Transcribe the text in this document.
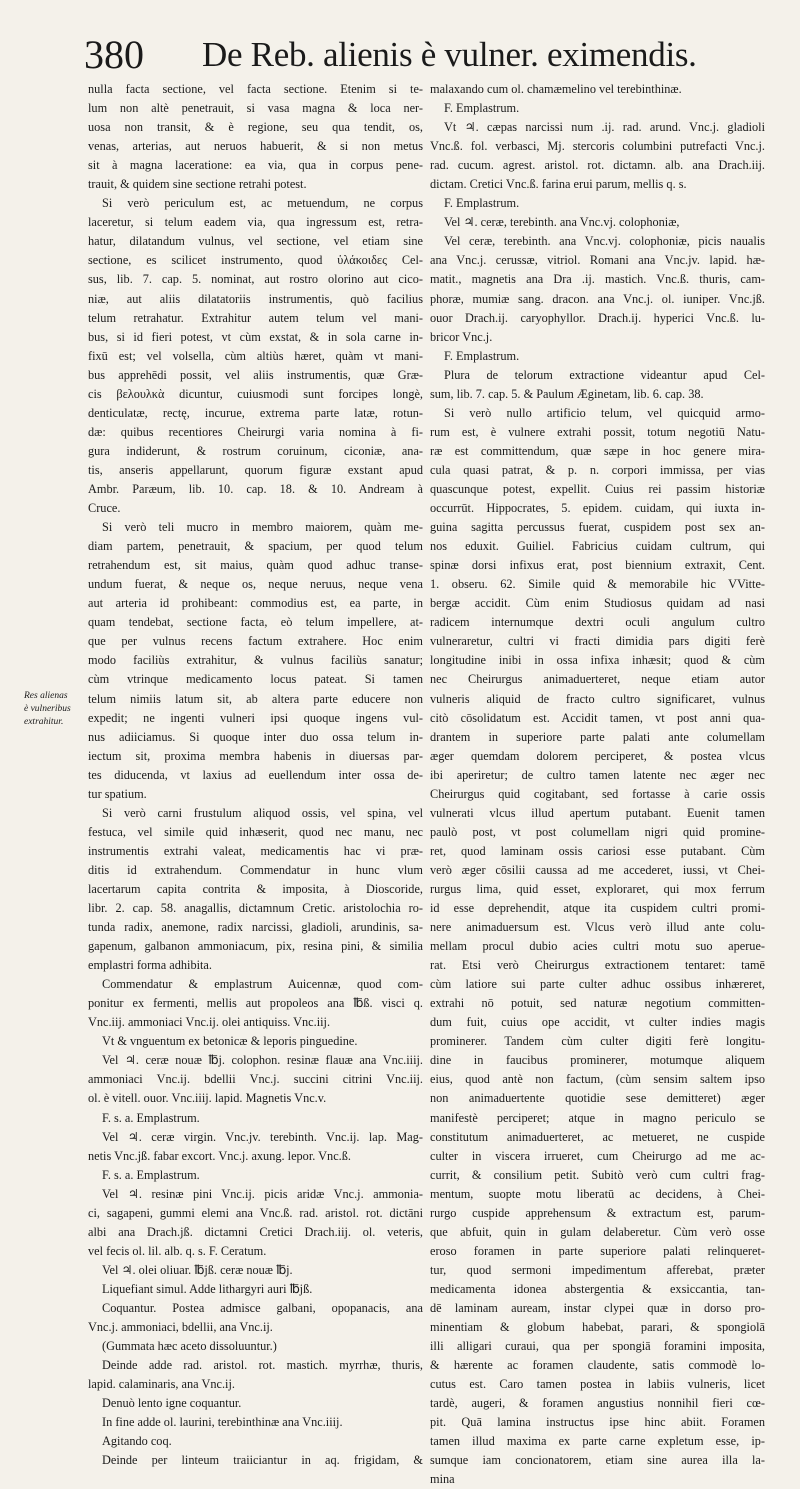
380 De Reb. alienis è vulner. eximendis.
Res alienas
è vulneribus
extrahitur.
nulla facta sectione, vel facta sectione. Etenim si te-
lum non altè penetrauit, si vasa magna & loca ner-
uosa non transit, & è regione, seu qua tendit, os,
venas, arterias, aut neruos habuerit, & si non metus
sit à magna laceratione: ea via, qua in corpus pene-
trauit, & quidem sine sectione retrahi potest.
Si verò periculum est, ac metuendum, ne corpus
laceretur, si telum eadem via, qua ingressum est, retra-
hatur, dilatandum vulnus, vel sectione, vel etiam sine
sectione, es scilicet instrumento, quod ὑλάκοιδες Cel-
sus, lib. 7. cap. 5. nominat, aut rostro olorino aut cico-
niæ, aut aliis dilatatoriis instrumentis, quò facilius
telum retrahatur. Extrahitur autem telum vel mani-
bus, si id fieri potest, vt cùm exstat, & in sola carne in-
fixū est; vel volsella, cùm altiùs hæret, quàm vt mani-
bus apprehēdi possit, vel aliis instrumentis, quæ Græ-
cis βελουλκὰ dicuntur, cuiusmodi sunt forcipes longè,
denticulatæ, rectę, incurue, extrema parte latæ, rotun-
dæ: quibus recentiores Cheirurgi varia nomina à fi-
gura indiderunt, & rostrum coruinum, ciconiæ, ana-
tis, anseris appellarunt, quorum figuræ exstant apud
Ambr. Paræum, lib. 10. cap. 18. & 10. Andream à
Cruce.
Si verò teli mucro in membro maiorem, quàm me-
diam partem, penetrauit, & spacium, per quod telum
retrahendum est, sit maius, quàm quod adhuc transe-
undum fuerat, & neque os, neque neruus, neque vena
aut arteria id prohibeant: commodius est, ea parte, in
quam tendebat, sectione facta, eò telum impellere, at-
que per vulnus recens factum extrahere. Hoc enim
modo faciliùs extrahitur, & vulnus faciliùs sanatur;
cùm vtrinque medicamento locus pateat. Si tamen
telum nimiis latum sit, ab altera parte educere non
expedit; ne ingenti vulneri ipsi quoque ingens vul-
nus adiiciamus. Si quoque inter duo ossa telum in-
iectum sit, proxima membra habenis in diuersas par-
tes diducenda, vt laxius ad euellendum inter ossa de-
tur spatium.
Si verò carni frustulum aliquod ossis, vel spina, vel
festuca, vel simile quid inhæserit, quod nec manu, nec
instrumentis extrahi valeat, medicamentis hac vi præ-
ditis id extrahendum. Commendatur in hunc vlum
lacertarum capita contrita & imposita, à Dioscoride,
libr. 2. cap. 58. anagallis, dictamnum Cretic. aristolochia ro-
tunda radix, anemone, radix narcissi, gladioli, arundinis, sa-
gapenum, galbanon ammoniacum, pix, resina pini, & similia
emplastri forma adhibita.
Commendatur & emplastrum Auicennæ, quod com-
ponitur ex fermenti, mellis aut propoleos ana ℔ß. visci q.
Vnc.iij. ammoniaci Vnc.ij. olei antiquiss. Vnc.iij.
Vt & vnguentum ex betonicæ & leporis pinguedine.
Vel ♃. ceræ nouæ ℔j. colophon. resinæ flauæ ana Vnc.iiij.
ammoniaci Vnc.ij. bdellii Vnc.j. succini citrini Vnc.iij.
ol. è vitell. ouor. Vnc.iiij. lapid. Magnetis Vnc.v.
F. s. a. Emplastrum.
Vel ♃. ceræ virgin. Vnc.jv. terebinth. Vnc.ij. lap. Mag-
netis Vnc.jß. fabar excort. Vnc.j. axung. lepor. Vnc.ß.
F. s. a. Emplastrum.
Vel ♃. resinæ pini Vnc.ij. picis aridæ Vnc.j. ammonia-
ci, sagapeni, gummi elemi ana Vnc.ß. rad. aristol. rot. dictāni
albi ana Drach.jß. dictamni Cretici Drach.iij. ol. veteris,
vel fecis ol. lil. alb. q. s. F. Ceratum.
Vel ♃. olei oliuar. ℔jß. ceræ nouæ ℔j.
Liquefiant simul. Adde lithargyri auri ℔jß.
Coquantur. Postea admisce galbani, opopanacis, ana
Vnc.j. ammoniaci, bdellii, ana Vnc.ij.
(Gummata hæc aceto dissoluuntur.)
Deinde adde rad. aristol. rot. mastich. myrrhæ, thuris,
lapid. calaminaris, ana Vnc.ij.
Denuò lento igne coquantur.
In fine adde ol. laurini, terebinthinæ ana Vnc.iiij.
Agitando coq.
Deinde per linteum traiiciantur in aq. frigidam, &
malaxando cum ol. chamæmelino vel terebinthinæ.
F. Emplastrum.
Vt ♃. cæpas narcissi num .ij. rad. arund. Vnc.j. gladioli
Vnc.ß. fol. verbasci, Mj. stercoris columbini putrefacti Vnc.j.
rad. cucum. agrest. aristol. rot. dictamn. alb. ana Drach.iij.
dictam. Cretici Vnc.ß. farina erui parum, mellis q. s.
F. Emplastrum.
Vel ♃. ceræ, terebinth. ana Vnc.vj. colophoniæ,
Vel ceræ, terebinth. ana Vnc.vj. colophoniæ, picis naualis
ana Vnc.j. cerussæ, vitriol. Romani ana Vnc.jv. lapid. hæ-
matit., magnetis ana Dra .ij. mastich. Vnc.ß. thuris, cam-
phoræ, mumiæ sang. dracon. ana Vnc.j. ol. iuniper. Vnc.jß.
ouor Drach.ij. caryophyllor. Drach.ij. hyperici Vnc.ß. lu-
bricor Vnc.j.
F. Emplastrum.
Plura de telorum extractione videantur apud Cel-
sum, lib. 7. cap. 5. & Paulum Æginetam, lib. 6. cap. 38.
Si verò nullo artificio telum, vel quicquid armo-
rum est, è vulnere extrahi possit, totum negotiū Natu-
ræ est committendum, quæ sæpe in hoc genere mira-
cula quasi patrat, & p. n. corpori immissa, per vias
quascunque potest, expellit. Cuius rei passim historiæ
occurrūt. Hippocrates, 5. epidem. cuidam, qui iuxta in-
guina sagitta percussus fuerat, cuspidem post sex an-
nos eduxit. Guiliel. Fabricius cuidam cultrum, qui
spinæ dorsi infixus erat, post biennium extraxit, Cent.
1. obseru. 62. Simile quid & memorabile hic VVitte-
bergæ accidit. Cùm enim Studiosus quidam ad nasi
radicem internumque dextri oculi angulum cultro
vulneraretur, cultri vi fracti dimidia pars digiti ferè
longitudine inibi in ossa infixa inhæsit; quod & cùm
nec Cheirurgus animaduerteret, neque etiam autor
vulneris aliquid de fracto cultro significaret, vulnus
citò cōsolidatum est. Accidit tamen, vt post anni qua-
drantem in superiore parte palati ante columellam
æger quemdam dolorem perciperet, & postea vlcus
ibi aperiretur; de cultro tamen latente nec æger nec
Cheirurgus quid cogitabant, sed fortasse à carie ossis
vulnerati vlcus illud apertum putabant. Euenit tamen
paulò post, vt post columellam nigri quid promine-
ret, quod laminam ossis cariosi esse putabant. Cùm
verò æger cōsilii caussa ad me accederet, iussi, vt Chei-
rurgus lima, quid esset, exploraret, qui mox ferrum
id esse deprehendit, atque ita cuspidem cultri promi-
nere animaduersum est. Vlcus verò illud ante colu-
mellam procul dubio acies cultri motu suo aperue-
rat. Etsi verò Cheirurgus extractionem tentaret: tamē
cùm latiore sui parte culter adhuc ossibus inhæreret,
extrahi nō potuit, sed naturæ negotium committen-
dum fuit, cuius ope accidit, vt culter indies magis
prominerer. Tandem cùm culter digiti ferè longitu-
dine in faucibus prominerer, motumque aliquem
eius, quod antè non factum, (cùm sensim saltem ipso
non animaduertente quotidie sese demitteret) æger
manifestè perciperet; atque in magno periculo se
constitutum animaduerteret, ac metueret, ne cuspide
culter in viscera irrueret, cum Cheirurgo ad me ac-
currit, & consilium petit. Subitò verò cum cultri frag-
mentum, suopte motu liberatū ac decidens, à Chei-
rurgo cuspide apprehensum & extractum est, parum-
que abfuit, quin in gulam delaberetur. Cùm verò osse
eroso foramen in parte superiore palati relinqueret-
tur, quod sermoni impedimentum afferebat, præter
medicamenta idonea abstergentia & exsiccantia, tan-
dē laminam auream, instar clypei quæ in dorso pro-
minentiam & globum habebat, parari, & spongiolā
illi alligari curaui, qua per spongiā foramini imposita,
& hærente ac foramen claudente, satis commodè lo-
cutus est. Caro tamen postea in labiis vulneris, licet
tardè, augeri, & foramen angustius nonnihil fieri cœ-
pit. Quā lamina instructus ipse hinc abiit. Foramen
tamen illud maxima ex parte carne expletum esse, ip-
sumque iam concionatorem, etiam sine aurea illa la-
mina
